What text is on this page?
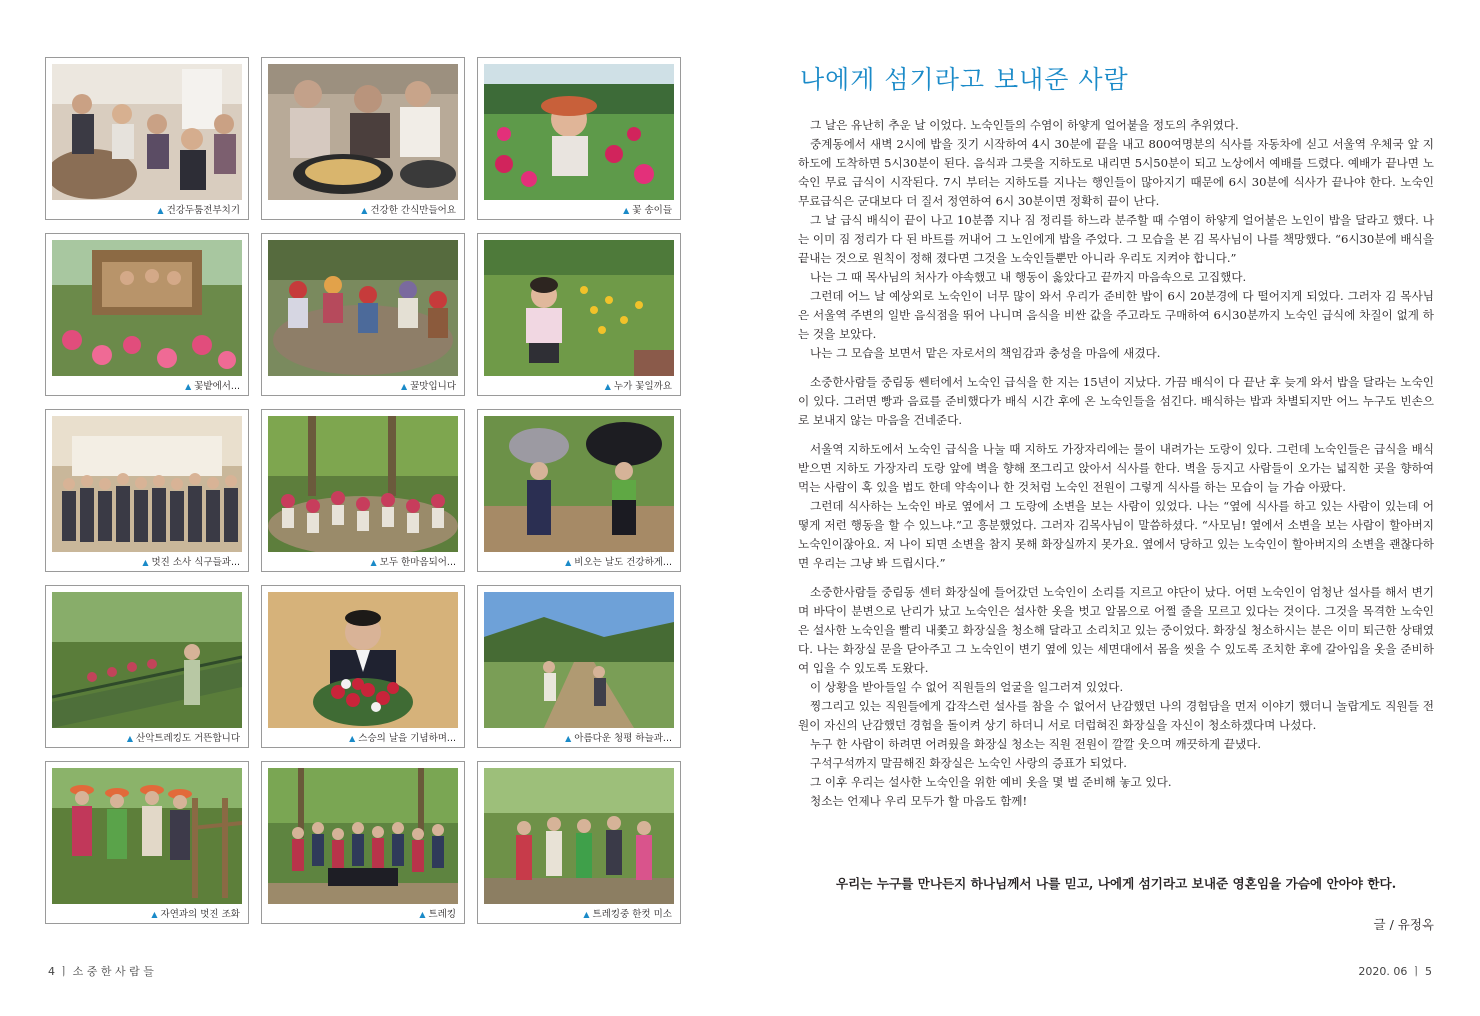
▲ 건강두툼전부치기	▲ 건강한 간식만들어요	▲ 꽃 송이들
▲ 꽃밭에서...	▲ 꿀맛입니다	▲ 누가 꽃일까요
▲ 멋진 소사 식구들과...	▲ 모두 한마음되어...	▲ 비오는 날도 건강하게...
▲ 산악트레킹도 거뜬합니다	▲ 스승의 날을 기념하며...	▲ 아름다운 청평 하늘과...
▲ 자연과의 멋진 조화	▲ 트레킹	▲ 트레킹중 한컷 미소
4 ㅣ 소 중 한 사 람 들
나에게 섬기라고 보내준 사람

그 날은 유난히 추운 날 이었다. 노숙인들의 수염이 하얗게 얼어붙을 정도의 추위였다.

중계동에서 새벽 2시에 밥을 짓기 시작하여 4시 30분에 끝을 내고 800여명분의 식사를 자동차에 싣고 서울역 우체국 앞 지하도에 도착하면 5시30분이 된다. 음식과 그릇을 지하도로 내리면 5시50분이 되고 노상에서 예배를 드렸다. 예배가 끝나면 노숙인 무료 급식이 시작된다. 7시 부터는 지하도를 지나는 행인들이 많아지기 때문에 6시 30분에 식사가 끝나야 한다. 노숙인 무료급식은 군대보다 더 질서 정연하여 6시 30분이면 정확히 끝이 난다.

그 날 급식 배식이 끝이 나고 10분쯤 지나 짐 정리를 하느라 분주할 때 수염이 하얗게 얼어붙은 노인이 밥을 달라고 했다. 나는 이미 짐 정리가 다 된 바트를 꺼내어 그 노인에게 밥을 주었다. 그 모습을 본 김 목사님이 나를 책망했다. “6시30분에 배식을 끝내는 것으로 원칙이 정해 졌다면 그것을 노숙인들뿐만 아니라 우리도 지켜야 합니다.”

나는 그 때 목사님의 처사가 야속했고 내 행동이 옳았다고 끝까지 마음속으로 고집했다.

그런데 어느 날 예상외로 노숙인이 너무 많이 와서 우리가 준비한 밥이 6시 20분경에 다 떨어지게 되었다. 그러자 김 목사님은 서울역 주변의 일반 음식점을 뛰어 나니며 음식을 비싼 값을 주고라도 구매하여 6시30분까지 노숙인 급식에 차질이 없게 하는 것을 보았다.

나는 그 모습을 보면서 맡은 자로서의 책임감과 충성을 마음에 새겼다.

소중한사람들 중림동 쎈터에서 노숙인 급식을 한 지는 15년이 지났다. 가끔 배식이 다 끝난 후 늦게 와서 밥을 달라는 노숙인이 있다. 그러면 빵과 음료를 준비했다가 배식 시간 후에 온 노숙인들을 섬긴다. 배식하는 밥과 차별되지만 어느 누구도 빈손으로 보내지 않는 마음을 건네준다.

서울역 지하도에서 노숙인 급식을 나눌 때 지하도 가장자리에는 물이 내려가는 도랑이 있다. 그런데 노숙인들은 급식을 배식 받으면 지하도 가장자리 도랑 앞에 벽을 향해 쪼그리고 앉아서 식사를 한다. 벽을 등지고 사람들이 오가는 넓직한 곳을 향하여 먹는 사람이 혹 있을 법도 한데 약속이나 한 것처럼 노숙인 전원이 그렇게 식사를 하는 모습이 늘 가슴 아팠다.

그런데 식사하는 노숙인 바로 옆에서 그 도랑에 소변을 보는 사람이 있었다. 나는 “옆에 식사를 하고 있는 사람이 있는데 어떻게 저런 행동을 할 수 있느냐.”고 흥분했었다. 그러자 김목사님이 말씀하셨다. “사모님! 옆에서 소변을 보는 사람이 할아버지 노숙인이잖아요. 저 나이 되면 소변을 참지 못해 화장실까지 못가요. 옆에서 당하고 있는 노숙인이 할아버지의 소변을 괜찮다하면 우리는 그냥 봐 드립시다.”

소중한사람들 중림동 센터 화장실에 들어갔던 노숙인이 소리를 지르고 야단이 났다. 어떤 노숙인이 엄청난 설사를 해서 변기며 바닥이 분변으로 난리가 났고 노숙인은 설사한 옷을 벗고 알몸으로 어쩔 줄을 모르고 있다는 것이다. 그것을 목격한 노숙인은 설사한 노숙인을 빨리 내쫓고 화장실을 청소해 달라고 소리치고 있는 중이었다. 화장실 청소하시는 분은 이미 퇴근한 상태였다. 나는 화장실 문을 닫아주고 그 노숙인이 변기 옆에 있는 세면대에서 몸을 씻을 수 있도록 조치한 후에 갈아입을 옷을 준비하여 입을 수 있도록 도왔다.

이 상황을 받아들일 수 없어 직원들의 얼굴을 일그러져 있었다.

찡그리고 있는 직원들에게 갑작스런 설사를 참을 수 없어서 난감했던 나의 경험담을 먼저 이야기 했더니 놀랍게도 직원들 전원이 자신의 난감했던 경험을 돌이켜 상기 하더니 서로 더럽혀진 화장실을 자신이 청소하겠다며 나섰다.

누구 한 사람이 하려면 어려웠을 화장실 청소는 직원 전원이 깔깔 웃으며 깨끗하게 끝냈다.

구석구석까지 말끔해진 화장실은 노숙인 사랑의 증표가 되었다.

그 이후 우리는 설사한 노숙인을 위한 예비 옷을 몇 벌 준비해 놓고 있다.

청소는 언제나 우리 모두가 할 마음도 함께!

우리는 누구를 만나든지 하나님께서 나를 믿고, 나에게 섬기라고 보내준 영혼임을 가슴에 안아야 한다.
글 / 유정옥
2020. 06 ㅣ 5
